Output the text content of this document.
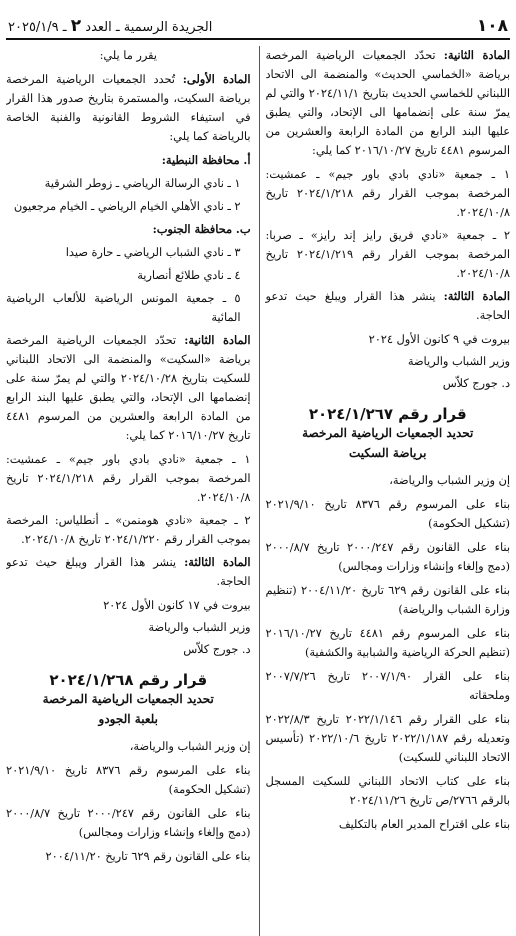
١٠٨
الجريدة الرسمية ـ العدد ٢ ـ ٢٠٢٥/١/٩

المادة الثانية: تحدّد الجمعيات الرياضية المرخصة برياضة «الخماسي الحديث» والمنضمة الى الاتحاد اللبناني للخماسي الحديث بتاريخ ٢٠٢٤/١١/١ والتي لم يمرّ سنة على إنضمامها الى الإتحاد، والتي يطبق عليها البند الرابع من المادة الرابعة والعشرين من المرسوم ٤٤٨١ تاريخ ٢٠١٦/١٠/٢٧ كما يلي:

١ ـ جمعية «نادي بادي باور جيم» ـ عمشيت: المرخصة بموجب القرار رقم ٢٠٢٤/١/٢١٨ تاريخ ٢٠٢٤/١٠/٨.

٢ ـ جمعية «نادي فريق رايز إند رايز» ـ صربا: المرخصة بموجب القرار رقم ٢٠٢٤/١/٢١٩ تاريخ ٢٠٢٤/١٠/٨.

المادة الثالثة: ينشر هذا القرار ويبلغ حيث تدعو الحاجة.

بيروت في ٩ كانون الأول ٢٠٢٤

وزير الشباب والرياضة

د. جورج كلاّس

قرار رقم ٢٠٢٤/١/٢٦٧

تحديد الجمعيات الرياضية المرخصة

برياضة السكيت

إن وزير الشباب والرياضة،

بناء على المرسوم رقم ٨٣٧٦ تاريخ ٢٠٢١/٩/١٠ (تشكيل الحكومة)

بناء على القانون رقم ٢٠٠٠/٢٤٧ تاريخ ٢٠٠٠/٨/٧ (دمج وإلغاء وإنشاء وزارات ومجالس)

بناء على القانون رقم ٦٢٩ تاريخ ٢٠٠٤/١١/٢٠ (تنظيم وزارة الشباب والرياضة)

بناء على المرسوم رقم ٤٤٨١ تاريخ ٢٠١٦/١٠/٢٧ (تنظيم الحركة الرياضية والشبابية والكشفية)

بناء على القرار ٢٠٠٧/١/٩٠ تاريخ ٢٠٠٧/٧/٢٦ وملحقاته

بناء على القرار رقم ٢٠٢٢/١/١٤٦ تاريخ ٢٠٢٢/٨/٣ وتعديله رقم ٢٠٢٢/١/١٨٧ تاريخ ٢٠٢٢/١٠/٦ (تأسيس الاتحاد اللبناني للسكيت)

بناء على كتاب الاتحاد اللبناني للسكيت المسجل بالرقم ٢٧٦٦/ص تاريخ ٢٠٢٤/١١/٢٦

بناء على اقتراح المدير العام بالتكليف

يقرر ما يلي:

المادة الأولى: تُحدد الجمعيات الرياضية المرخصة برياضة السكيت، والمستمرة بتاريخ صدور هذا القرار في استيفاء الشروط القانونية والفنية الخاصة بالرياضة كما يلي:

أ. محافظة النبطية:

١ ـ نادي الرسالة الرياضي ـ زوطر الشرقية

٢ ـ نادي الأهلي الخيام الرياضي ـ الخيام مرجعيون

ب. محافظة الجنوب:

٣ ـ نادي الشباب الرياضي ـ حارة صيدا

٤ ـ نادي طلائع أنصارية

٥ ـ جمعية المونس الرياضية للألعاب الرياضية المائية

المادة الثانية: تحدّد الجمعيات الرياضية المرخصة برياضة «السكيت» والمنضمة الى الاتحاد اللبناني للسكيت بتاريخ ٢٠٢٤/١٠/٢٨ والتي لم يمرّ سنة على إنضمامها الى الإتحاد، والتي يطبق عليها البند الرابع من المادة الرابعة والعشرين من المرسوم ٤٤٨١ تاريخ ٢٠١٦/١٠/٢٧ كما يلي:

١ ـ جمعية «نادي بادي باور جيم» ـ عمشيت: المرخصة بموجب القرار رقم ٢٠٢٤/١/٢١٨ تاريخ ٢٠٢٤/١٠/٨.

٢ ـ جمعية «نادي هومنمن» ـ أنطلياس: المرخصة بموجب القرار رقم ٢٠٢٤/١/٢٢٠ تاريخ ٢٠٢٤/١٠/٨.

المادة الثالثة: ينشر هذا القرار ويبلغ حيث تدعو الحاجة.

بيروت في ١٧ كانون الأول ٢٠٢٤

وزير الشباب والرياضة

د. جورج كلاّس

قرار رقم ٢٠٢٤/١/٢٦٨

تحديد الجمعيات الرياضية المرخصة

بلعبة الجودو

إن وزير الشباب والرياضة،

بناء على المرسوم رقم ٨٣٧٦ تاريخ ٢٠٢١/٩/١٠ (تشكيل الحكومة)

بناء على القانون رقم ٢٠٠٠/٢٤٧ تاريخ ٢٠٠٠/٨/٧ (دمج وإلغاء وإنشاء وزارات ومجالس)

بناء على القانون رقم ٦٢٩ تاريخ ٢٠٠٤/١١/٢٠
